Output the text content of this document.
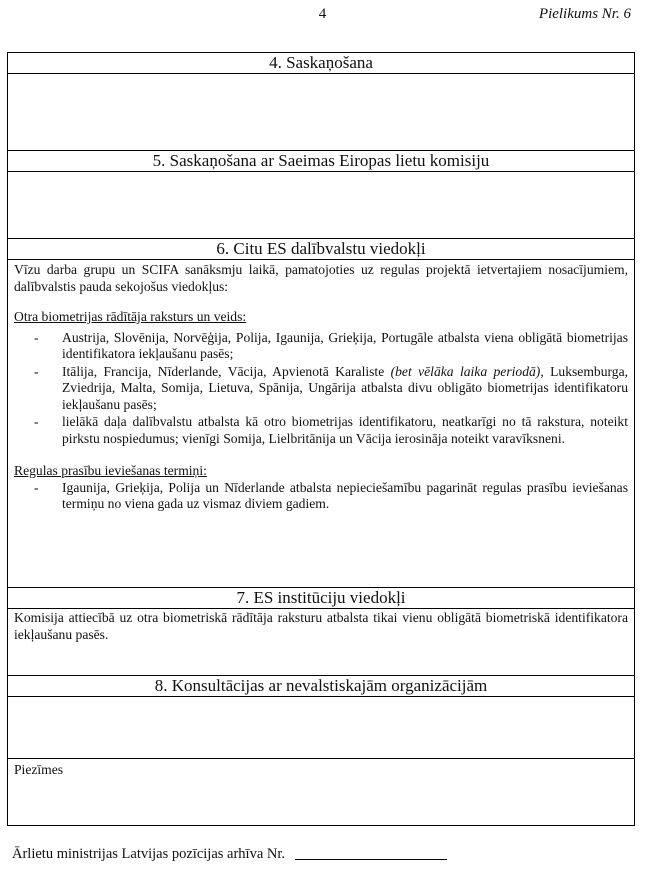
4	Pielikums Nr. 6
4. Saskaņošana
5. Saskaņošana ar Saeimas Eiropas lietu komisiju
6. Citu ES dalībvalstu viedokļi

Vīzu darba grupu un SCIFA sanāksmju laikā, pamatojoties uz regulas projektā ietvertajiem nosacījumiem, dalībvalstis pauda sekojošus viedokļus:

Otra biometrijas rādītāja raksturs un veids:

- Austrija, Slovēnija, Norvēģija, Polija, Igaunija, Grieķija, Portugāle atbalsta viena obligātā biometrijas identifikatora iekļaušanu pasēs;
- Itālija, Francija, Nīderlande, Vācija, Apvienotā Karaliste (bet vēlāka laika periodā), Luksemburga, Zviedrija, Malta, Somija, Lietuva, Spānija, Ungārija atbalsta divu obligāto biometrijas identifikatoru iekļaušanu pasēs;
- lielākā daļa dalībvalstu atbalsta kā otro biometrijas identifikatoru, neatkarīgi no tā rakstura, noteikt pirkstu nospiedumus; vienīgi Somija, Lielbritānija un Vācija ierosināja noteikt varavīksneni.

Regulas prasību ieviešanas termiņi:

- Igaunija, Grieķija, Polija un Nīderlande atbalsta nepieciešamību pagarināt regulas prasību ieviešanas termiņu no viena gada uz vismaz diviem gadiem.
7. ES institūciju viedokļi
Komisija attiecībā uz otra biometriskā rādītāja raksturu atbalsta tikai vienu obligātā biometriskā identifikatora iekļaušanu pasēs.
8. Konsultācijas ar nevalstiskajām organizācijām
Piezīmes
Ārlietu ministrijas Latvijas pozīcijas arhīva Nr.
